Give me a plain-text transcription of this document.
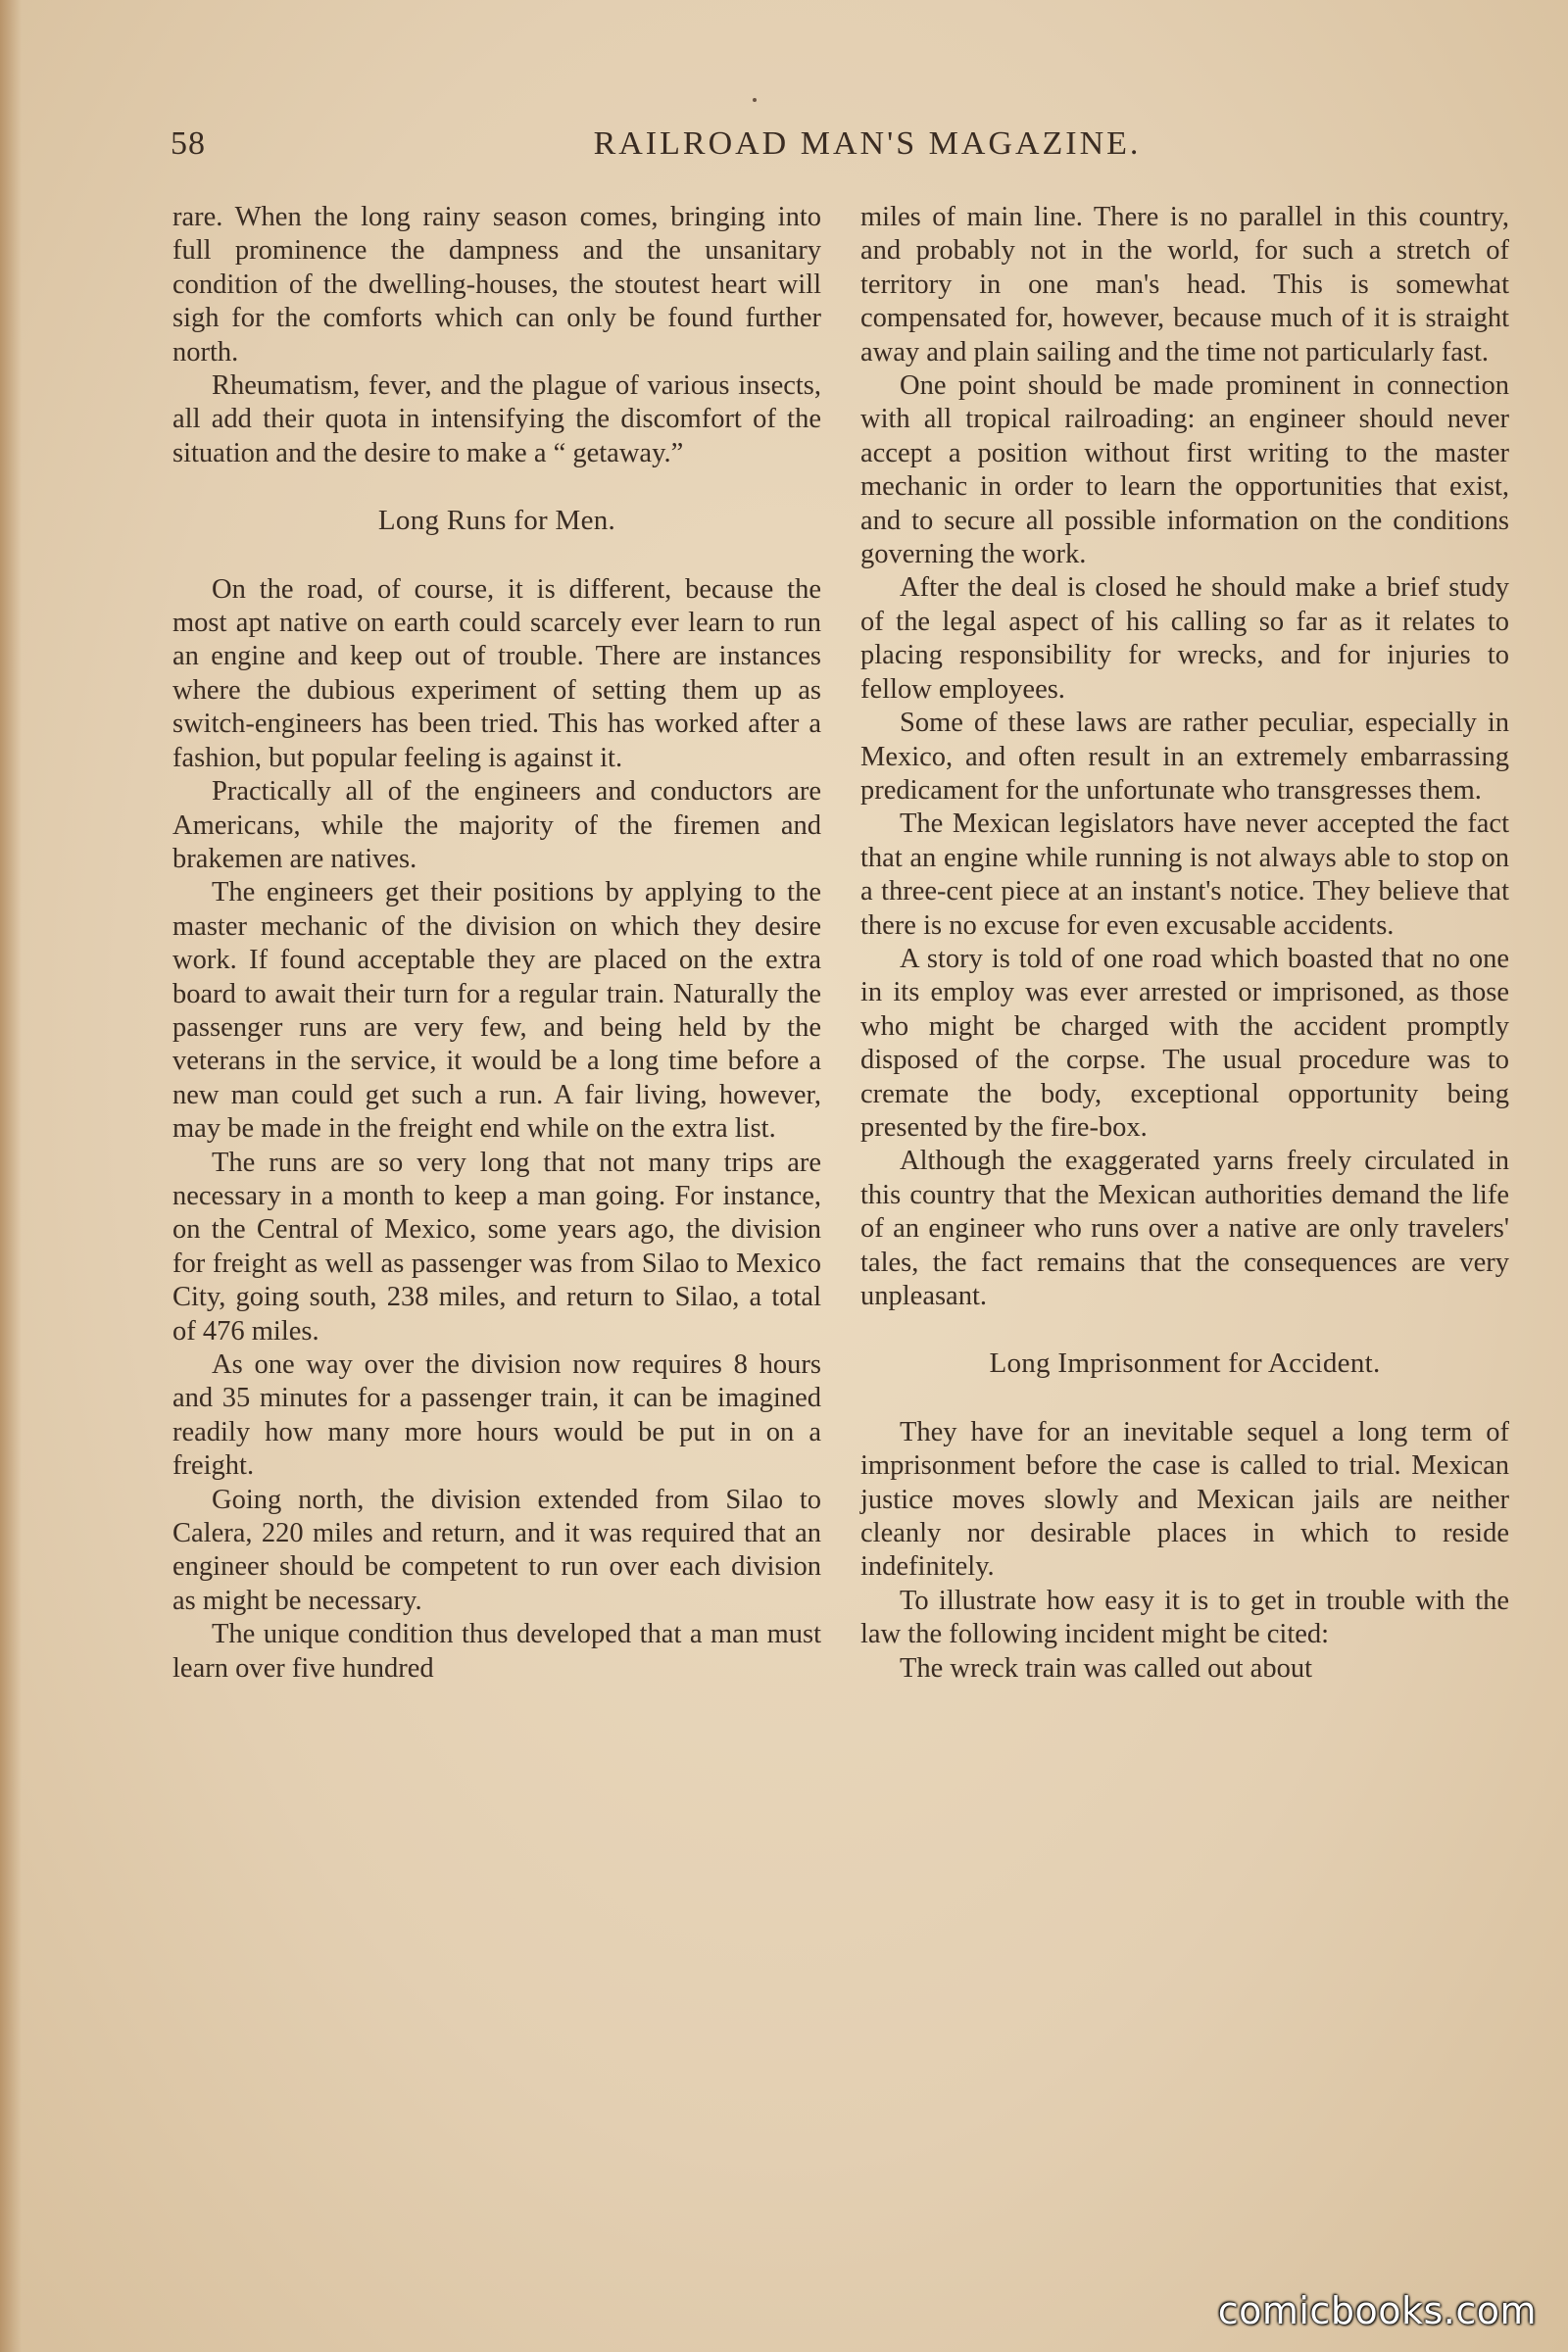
58	RAILROAD MAN'S MAGAZINE.

rare. When the long rainy season comes, bringing into full prominence the dampness and the unsanitary condition of the dwelling-houses, the stoutest heart will sigh for the comforts which can only be found further north.

Rheumatism, fever, and the plague of various insects, all add their quota in intensifying the discomfort of the situation and the desire to make a “ getaway.”

Long Runs for Men.

On the road, of course, it is different, because the most apt native on earth could scarcely ever learn to run an engine and keep out of trouble. There are instances where the dubious experiment of setting them up as switch-engineers has been tried. This has worked after a fashion, but popular feeling is against it.

Practically all of the engineers and conductors are Americans, while the majority of the firemen and brakemen are natives.

The engineers get their positions by applying to the master mechanic of the division on which they desire work. If found acceptable they are placed on the extra board to await their turn for a regular train. Naturally the passenger runs are very few, and being held by the veterans in the service, it would be a long time before a new man could get such a run. A fair living, however, may be made in the freight end while on the extra list.

The runs are so very long that not many trips are necessary in a month to keep a man going. For instance, on the Central of Mexico, some years ago, the division for freight as well as passenger was from Silao to Mexico City, going south, 238 miles, and return to Silao, a total of 476 miles.

As one way over the division now requires 8 hours and 35 minutes for a passenger train, it can be imagined readily how many more hours would be put in on a freight.

Going north, the division extended from Silao to Calera, 220 miles and return, and it was required that an engineer should be competent to run over each division as might be necessary.

The unique condition thus developed that a man must learn over five hundred

miles of main line. There is no parallel in this country, and probably not in the world, for such a stretch of territory in one man's head. This is somewhat compensated for, however, because much of it is straight away and plain sailing and the time not particularly fast.

One point should be made prominent in connection with all tropical railroading: an engineer should never accept a position without first writing to the master mechanic in order to learn the opportunities that exist, and to secure all possible information on the conditions governing the work.

After the deal is closed he should make a brief study of the legal aspect of his calling so far as it relates to placing responsibility for wrecks, and for injuries to fellow employees.

Some of these laws are rather peculiar, especially in Mexico, and often result in an extremely embarrassing predicament for the unfortunate who transgresses them.

The Mexican legislators have never accepted the fact that an engine while running is not always able to stop on a three-cent piece at an instant's notice. They believe that there is no excuse for even excusable accidents.

A story is told of one road which boasted that no one in its employ was ever arrested or imprisoned, as those who might be charged with the accident promptly disposed of the corpse. The usual procedure was to cremate the body, exceptional opportunity being presented by the fire-box.

Although the exaggerated yarns freely circulated in this country that the Mexican authorities demand the life of an engineer who runs over a native are only travelers' tales, the fact remains that the consequences are very unpleasant.

Long Imprisonment for Accident.

They have for an inevitable sequel a long term of imprisonment before the case is called to trial. Mexican justice moves slowly and Mexican jails are neither cleanly nor desirable places in which to reside indefinitely.

To illustrate how easy it is to get in trouble with the law the following incident might be cited:

The wreck train was called out about

comicbooks.com
